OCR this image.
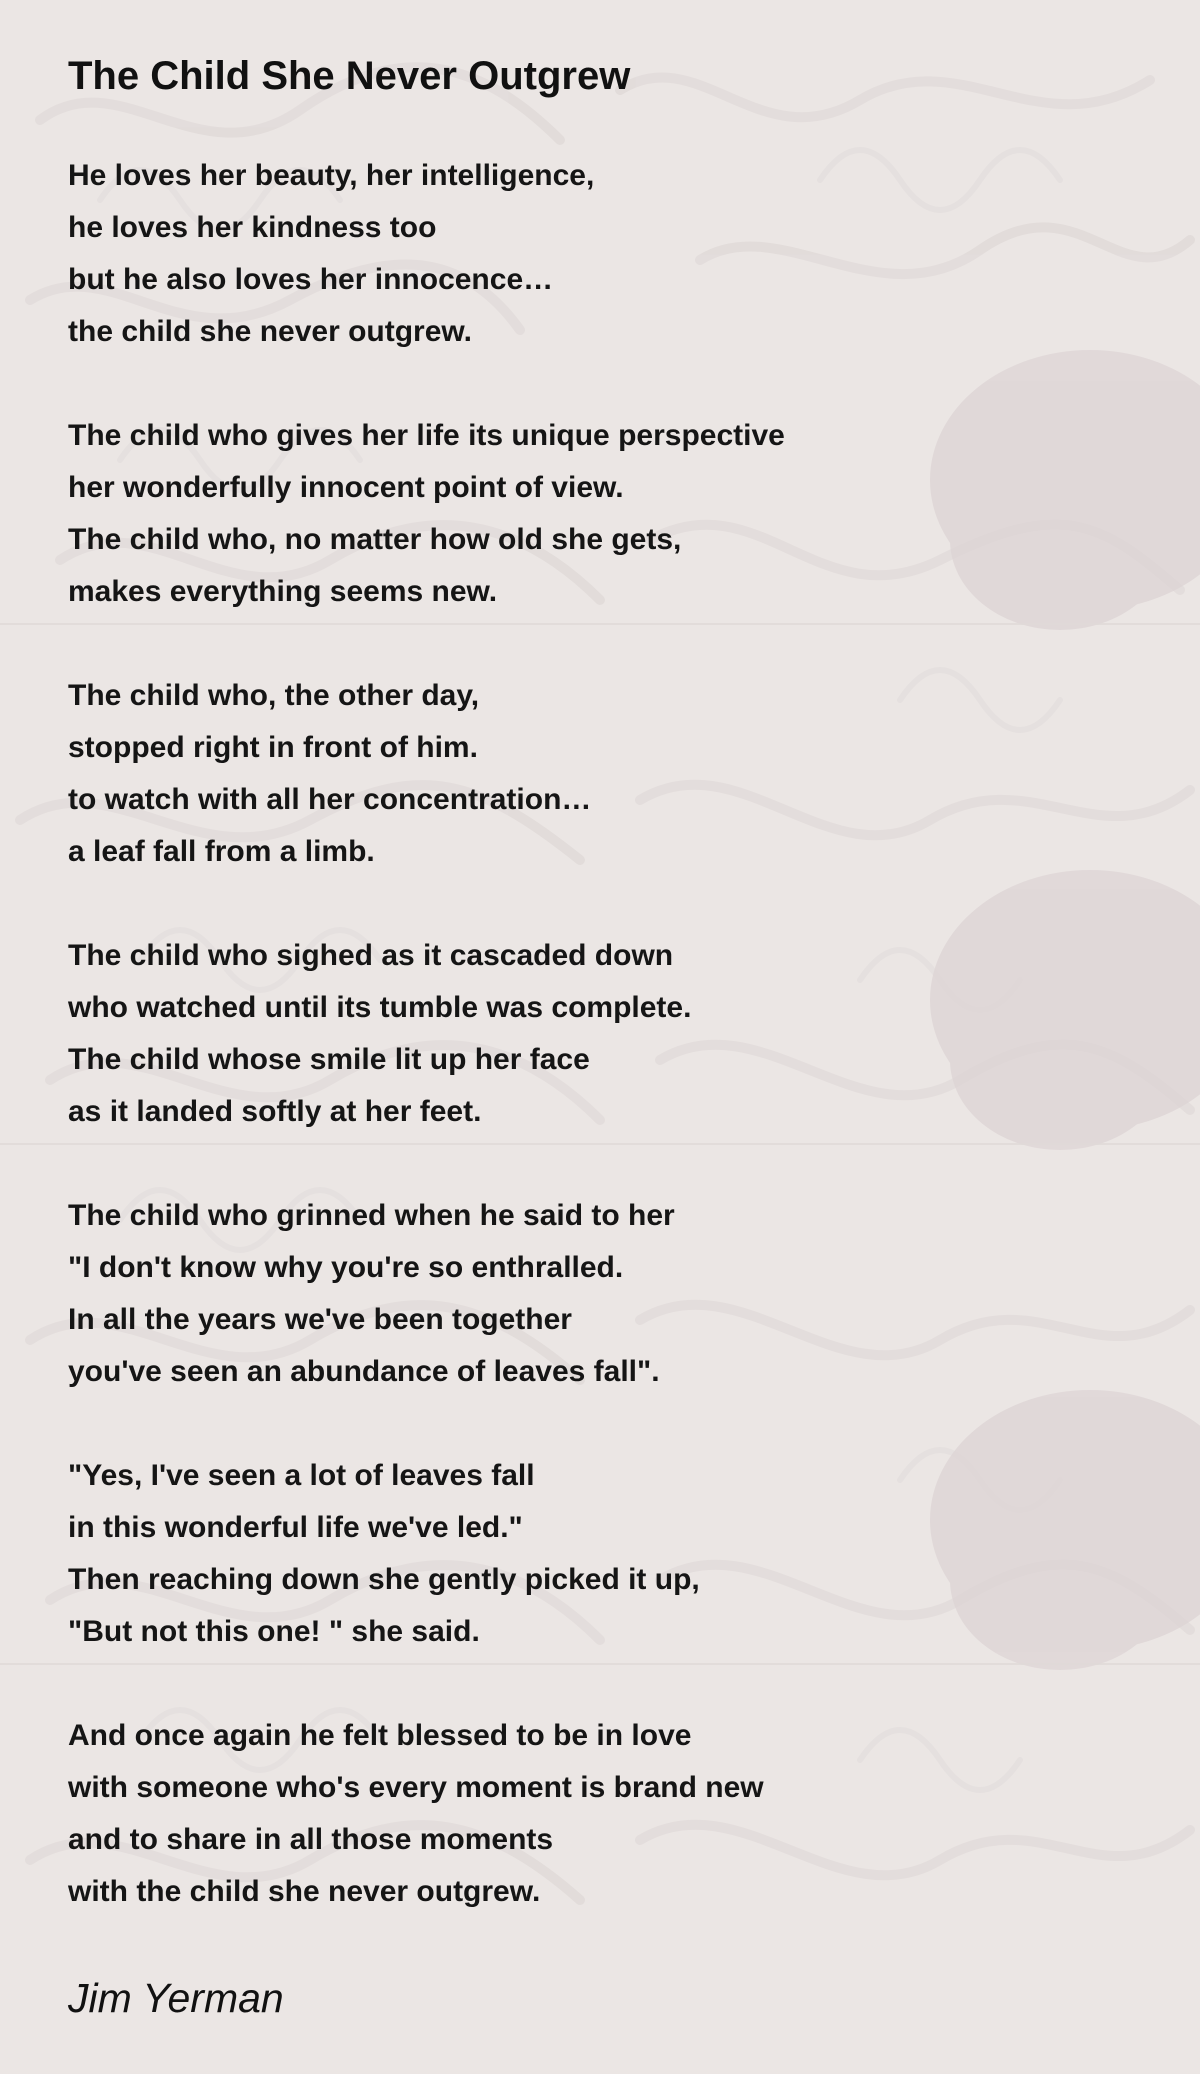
The Child She Never Outgrew
He loves her beauty, her intelligence,
he loves her kindness too
but he also loves her innocence…
the child she never outgrew.
The child who gives her life its unique perspective
her wonderfully innocent point of view.
The child who, no matter how old she gets,
makes everything seems new.
The child who, the other day,
stopped right in front of him.
to watch with all her concentration…
a leaf fall from a limb.
The child who sighed as it cascaded down
who watched until its tumble was complete.
The child whose smile lit up her face
as it landed softly at her feet.
The child who grinned when he said to her
"I don't know why you're so enthralled.
In all the years we've been together
you've seen an abundance of leaves fall".
"Yes, I've seen a lot of leaves fall
in this wonderful life we've led."
Then reaching down she gently picked it up,
"But not this one! " she said.
And once again he felt blessed to be in love
with someone who's every moment is brand new
and to share in all those moments
with the child she never outgrew.

Jim Yerman
